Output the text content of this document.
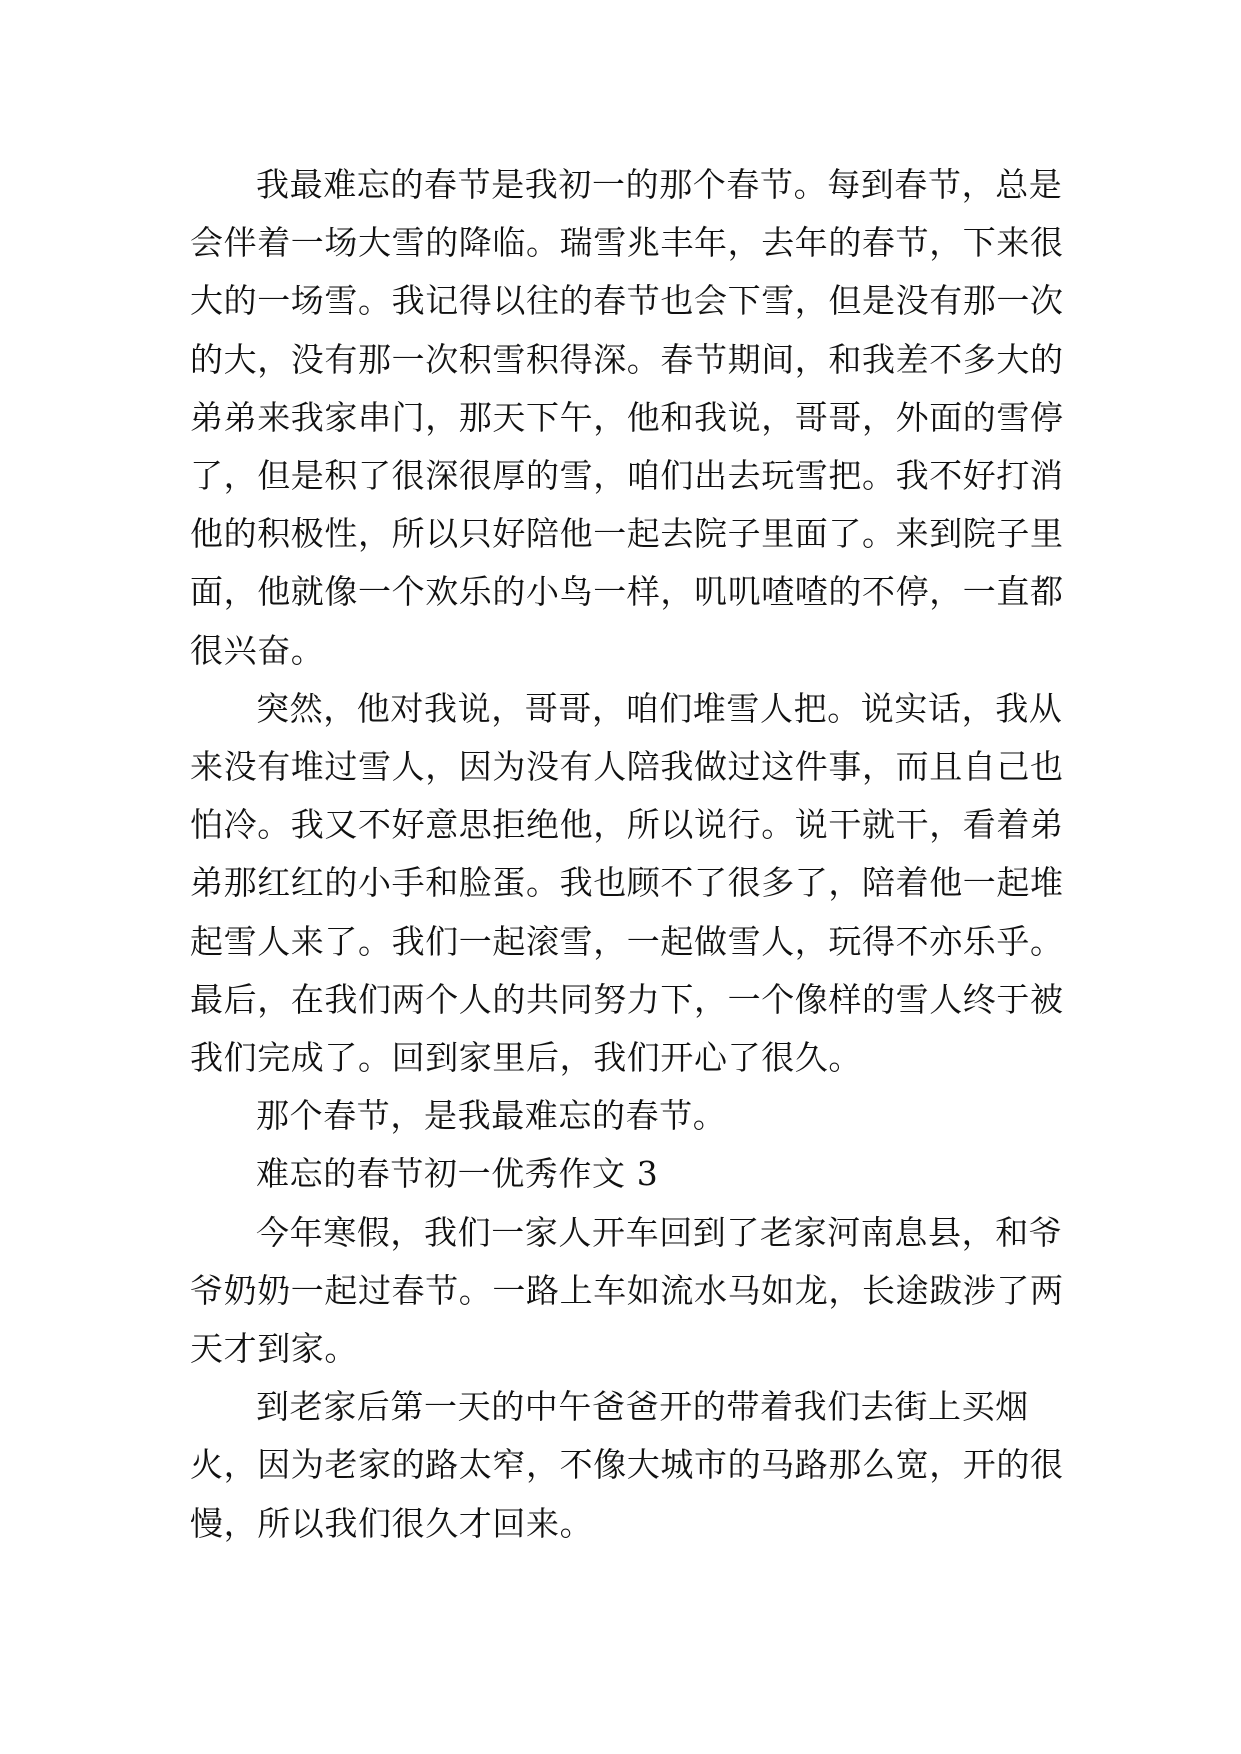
我最难忘的春节是我初一的那个春节。每到春节，总是
会伴着一场大雪的降临。瑞雪兆丰年，去年的春节，下来很
大的一场雪。我记得以往的春节也会下雪，但是没有那一次
的大，没有那一次积雪积得深。春节期间，和我差不多大的
弟弟来我家串门，那天下午，他和我说，哥哥，外面的雪停
了，但是积了很深很厚的雪，咱们出去玩雪把。我不好打消
他的积极性，所以只好陪他一起去院子里面了。来到院子里
面，他就像一个欢乐的小鸟一样，叽叽喳喳的不停，一直都
很兴奋。
突然，他对我说，哥哥，咱们堆雪人把。说实话，我从
来没有堆过雪人，因为没有人陪我做过这件事，而且自己也
怕冷。我又不好意思拒绝他，所以说行。说干就干，看着弟
弟那红红的小手和脸蛋。我也顾不了很多了，陪着他一起堆
起雪人来了。我们一起滚雪，一起做雪人，玩得不亦乐乎。
最后，在我们两个人的共同努力下，一个像样的雪人终于被
我们完成了。回到家里后，我们开心了很久。
那个春节，是我最难忘的春节。
难忘的春节初一优秀作文 3
今年寒假，我们一家人开车回到了老家河南息县，和爷
爷奶奶一起过春节。一路上车如流水马如龙，长途跋涉了两
天才到家。
到老家后第一天的中午爸爸开的带着我们去街上买烟
火，因为老家的路太窄，不像大城市的马路那么宽，开的很
慢，所以我们很久才回来。
